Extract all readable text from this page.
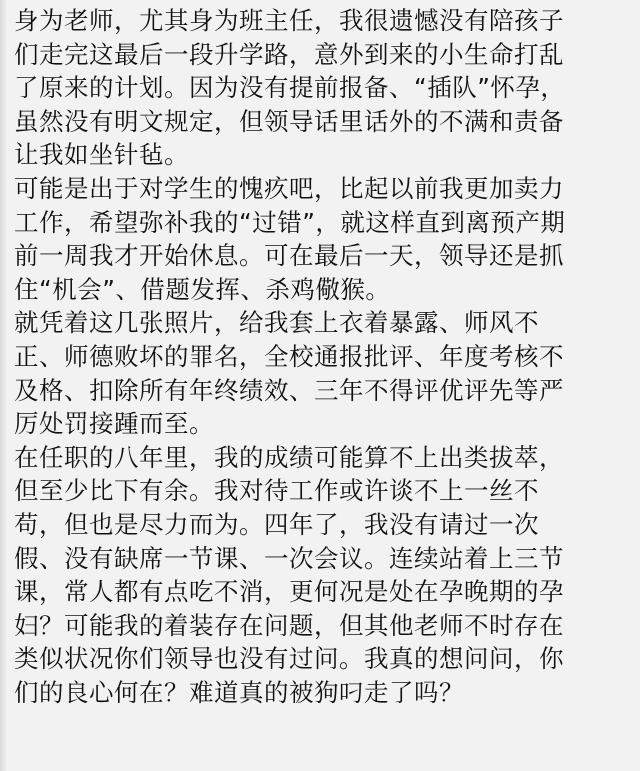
身为老师，尤其身为班主任，我很遗憾没有陪孩子
们走完这最后一段升学路，意外到来的小生命打乱
了原来的计划。因为没有提前报备、“插队”怀孕，
虽然没有明文规定，但领导话里话外的不满和责备
让我如坐针毡。
可能是出于对学生的愧疚吧，比起以前我更加卖力
工作，希望弥补我的“过错”，就这样直到离预产期
前一周我才开始休息。可在最后一天，领导还是抓
住“机会”、借题发挥、杀鸡儆猴。
就凭着这几张照片，给我套上衣着暴露、师风不
正、师德败坏的罪名，全校通报批评、年度考核不
及格、扣除所有年终绩效、三年不得评优评先等严
厉处罚接踵而至。
在任职的八年里，我的成绩可能算不上出类拔萃，
但至少比下有余。我对待工作或许谈不上一丝不
苟，但也是尽力而为。四年了，我没有请过一次
假、没有缺席一节课、一次会议。连续站着上三节
课，常人都有点吃不消，更何况是处在孕晚期的孕
妇？可能我的着装存在问题，但其他老师不时存在
类似状况你们领导也没有过问。我真的想问问，你
们的良心何在？难道真的被狗叼走了吗？
